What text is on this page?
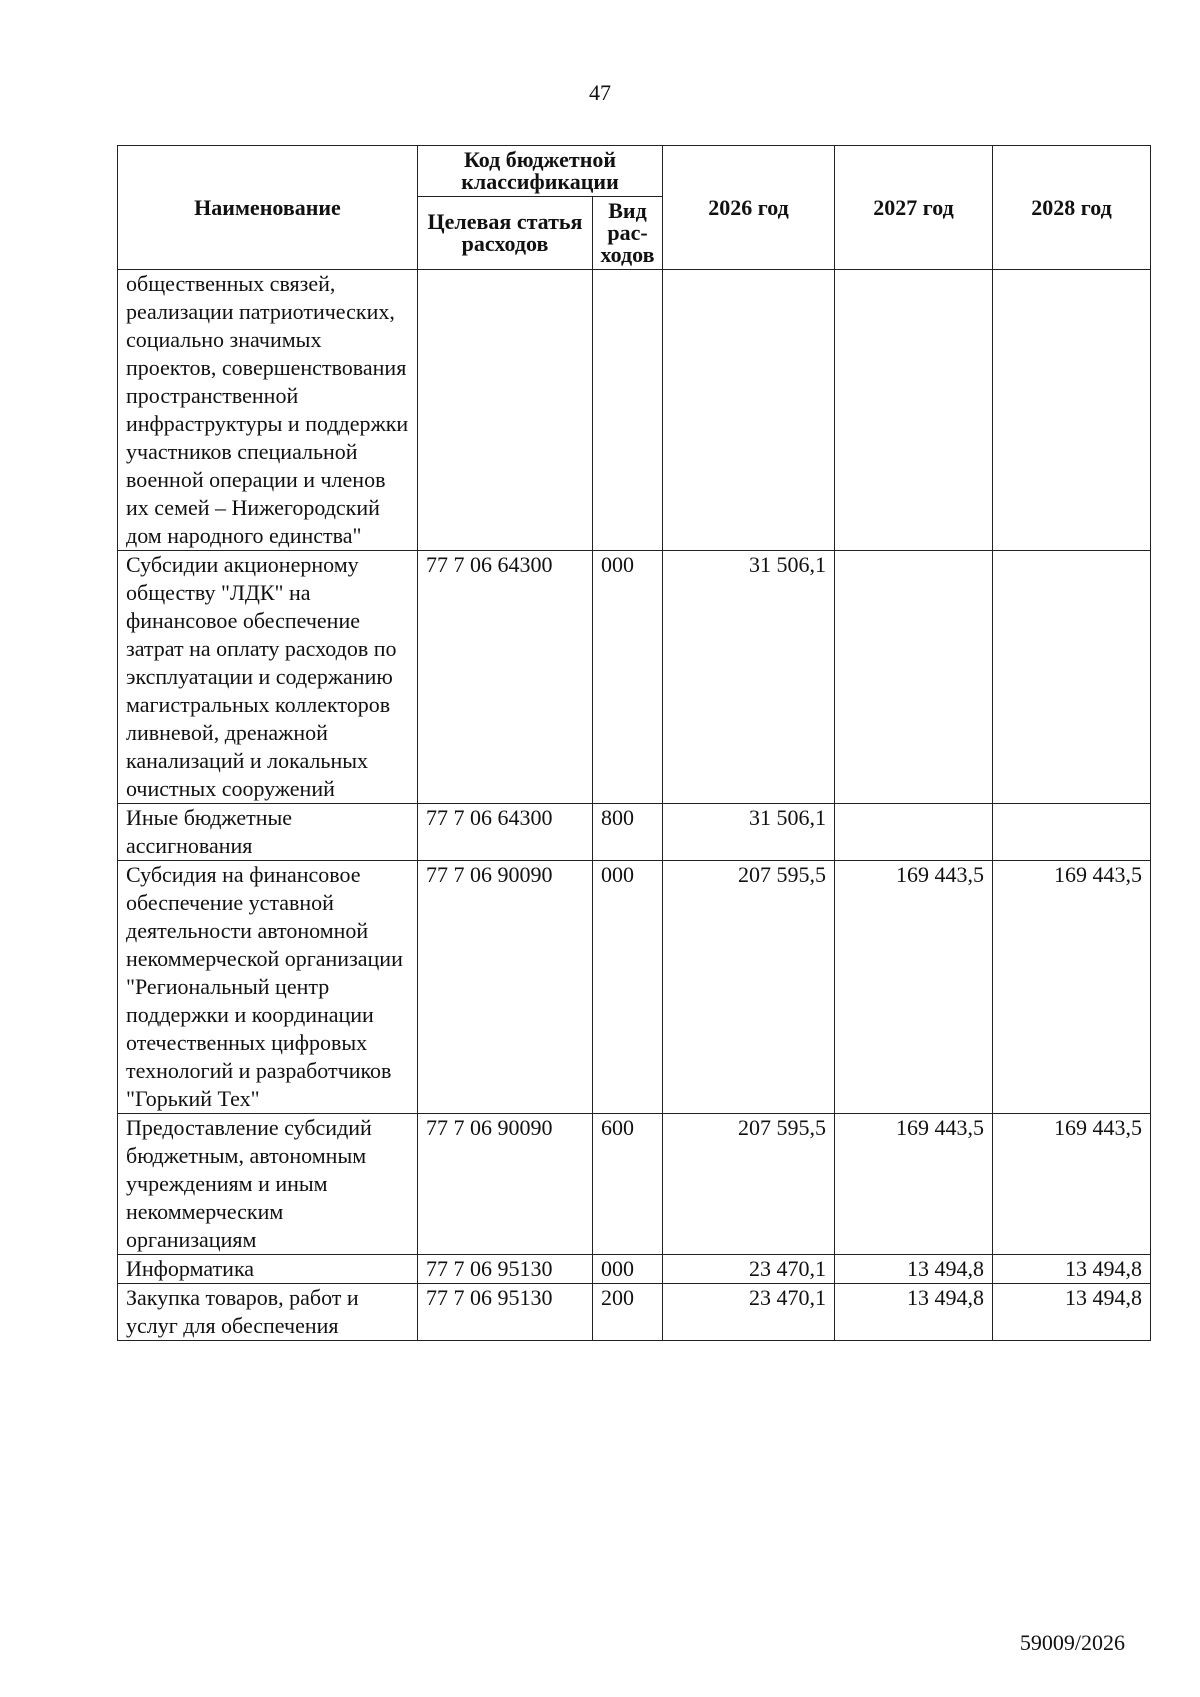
47
Наименование	Код бюджетной классификации		2026 год	2027 год	2028 год
	Целевая статья расходов	Вид рас- ходов			
общественных связей, реализации патриотических, социально значимых проектов, совершенствования пространственной инфраструктуры и поддержки участников специальной военной операции и членов их семей – Нижегородский дом народного единства"					
Субсидии акционерному обществу "ЛДК" на финансовое обеспечение затрат на оплату расходов по эксплуатации и содержанию магистральных коллекторов ливневой, дренажной канализаций и локальных очистных сооружений	77 7 06 64300	000	31 506,1		
Иные бюджетные ассигнования	77 7 06 64300	800	31 506,1		
Субсидия на финансовое обеспечение уставной деятельности автономной некоммерческой организации "Региональный центр поддержки и координации отечественных цифровых технологий и разработчиков "Горький Тех"	77 7 06 90090	000	207 595,5	169 443,5	169 443,5
Предоставление субсидий бюджетным, автономным учреждениям и иным некоммерческим организациям	77 7 06 90090	600	207 595,5	169 443,5	169 443,5
Информатика	77 7 06 95130	000	23 470,1	13 494,8	13 494,8
Закупка товаров, работ и услуг для обеспечения	77 7 06 95130	200	23 470,1	13 494,8	13 494,8
59009/2026
